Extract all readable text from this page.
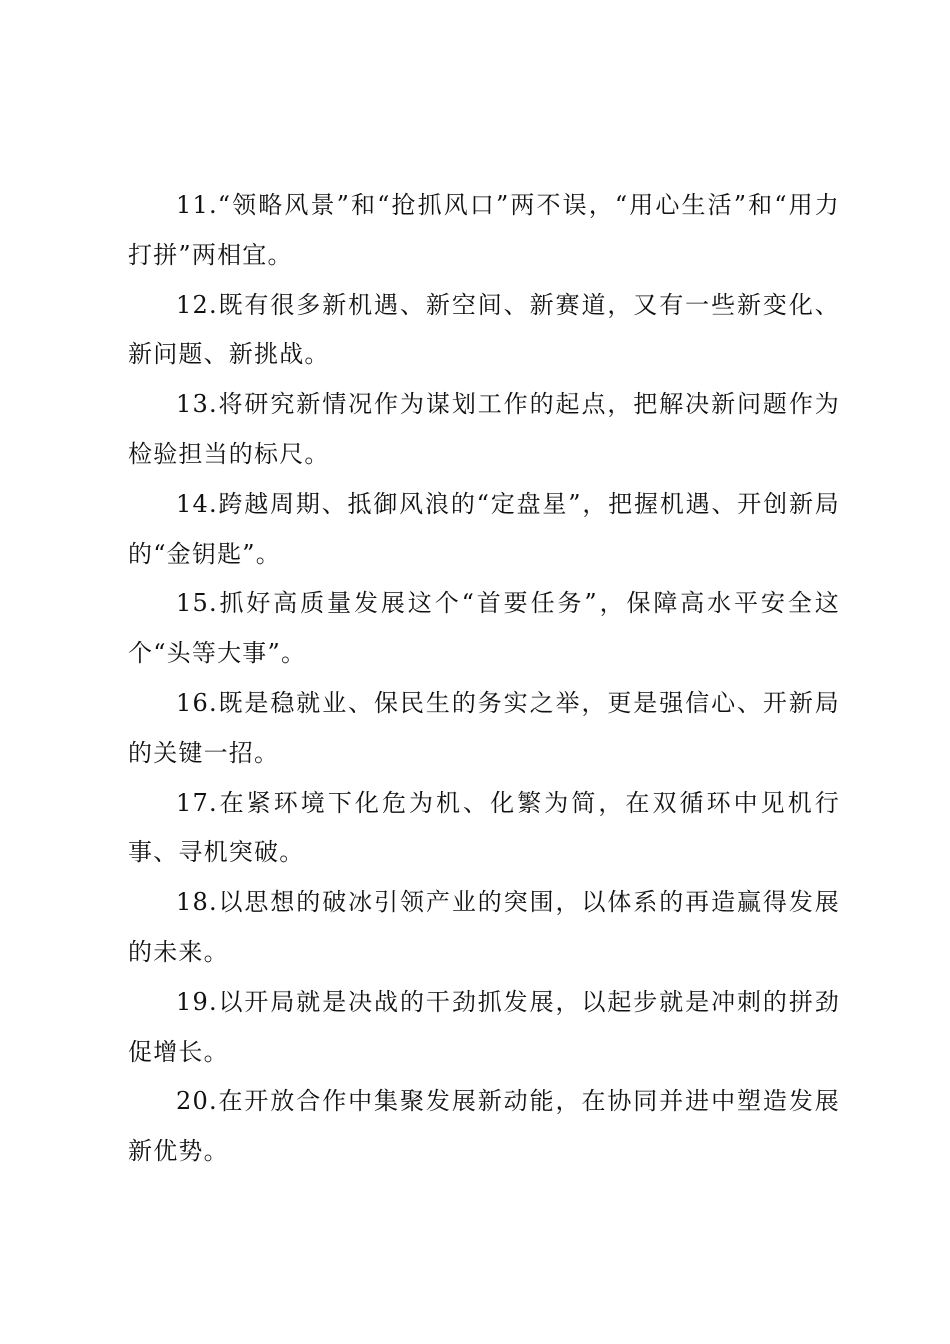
11.“领略风景”和“抢抓风口”两不误，“用心生活”和“用力打拼”两相宜。

12.既有很多新机遇、新空间、新赛道，又有一些新变化、新问题、新挑战。

13.将研究新情况作为谋划工作的起点，把解决新问题作为检验担当的标尺。

14.跨越周期、抵御风浪的“定盘星”，把握机遇、开创新局的“金钥匙”。

15.抓好高质量发展这个“首要任务”，保障高水平安全这个“头等大事”。

16.既是稳就业、保民生的务实之举，更是强信心、开新局的关键一招。

17.在紧环境下化危为机、化繁为简，在双循环中见机行事、寻机突破。

18.以思想的破冰引领产业的突围，以体系的再造赢得发展的未来。

19.以开局就是决战的干劲抓发展，以起步就是冲刺的拼劲促增长。

20.在开放合作中集聚发展新动能，在协同并进中塑造发展新优势。
